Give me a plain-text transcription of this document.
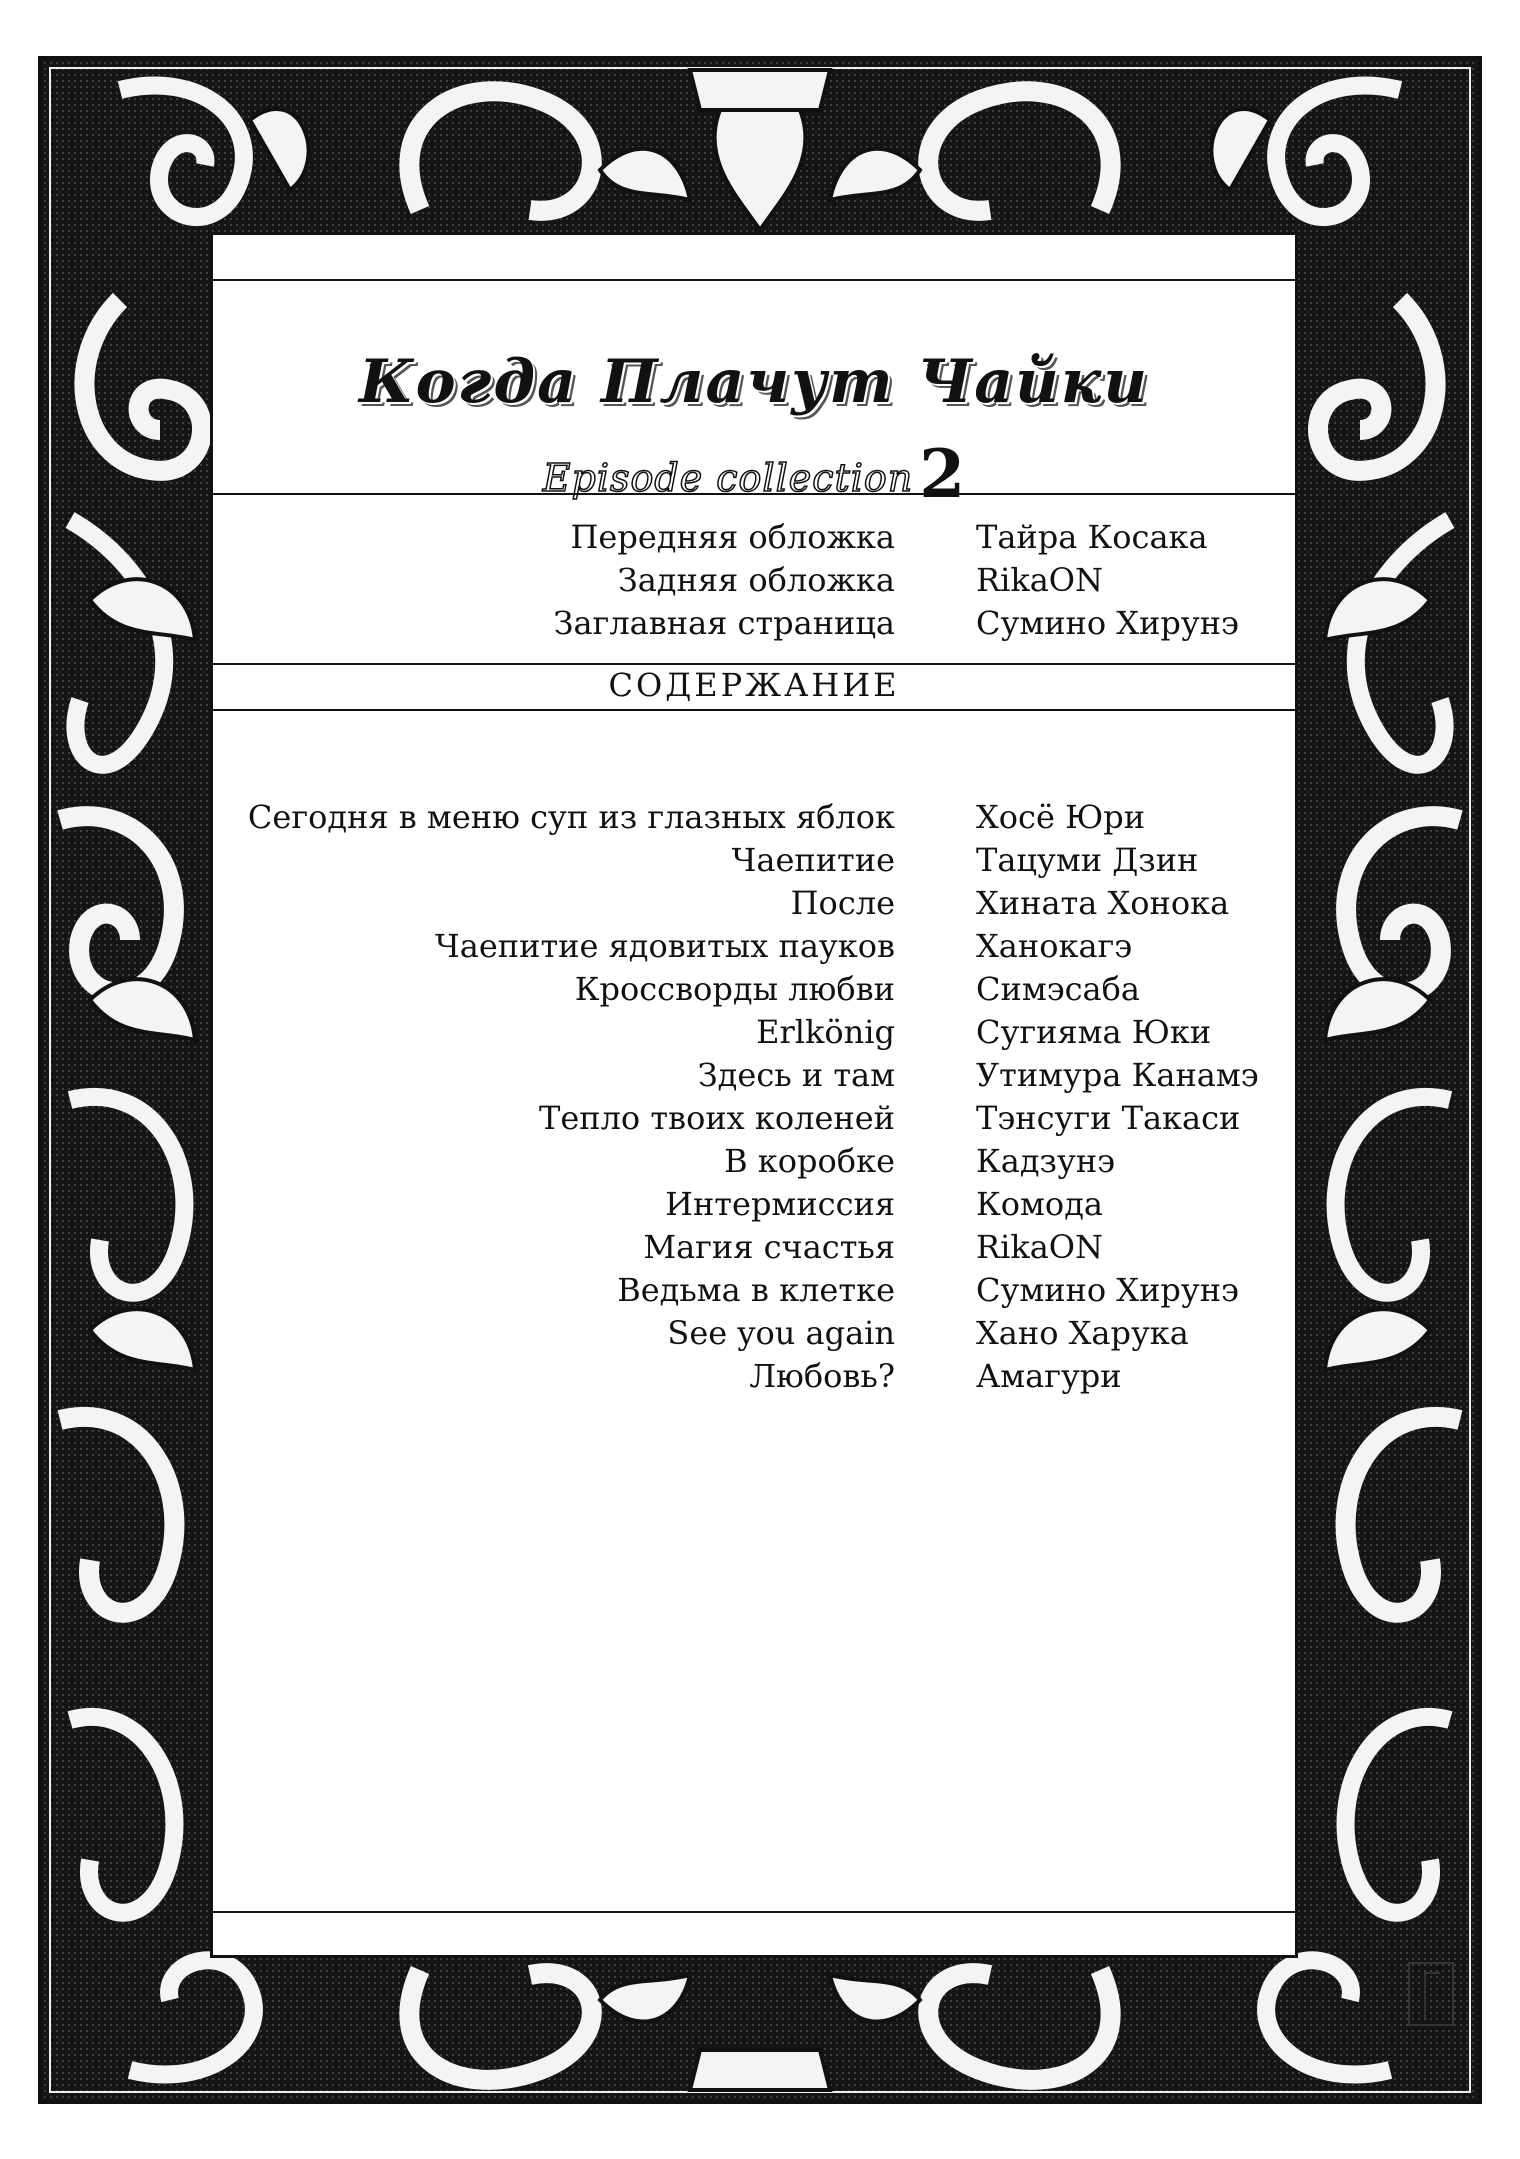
Когда Плачут Чайки
Episode collection2
Передняя обложка	Тайра Косака
Задняя обложка	RikaON
Заглавная страница	Сумино Хирунэ
СОДЕРЖАНИЕ
Сегодня в меню суп из глазных яблок	Хосё Юри
Чаепитие	Тацуми Дзин
После	Хината Хонока
Чаепитие ядовитых пауков	Ханокагэ
Кроссворды любви	Симэсаба
Erlkönig	Сугияма Юки
Здесь и там	Утимура Канамэ
Тепло твоих коленей	Тэнсуги Такаси
В коробке	Кадзунэ
Интермиссия	Комода
Магия счастья	RikaON
Ведьма в клетке	Сумино Хирунэ
See you again	Хано Харука
Любовь?	Амагури
